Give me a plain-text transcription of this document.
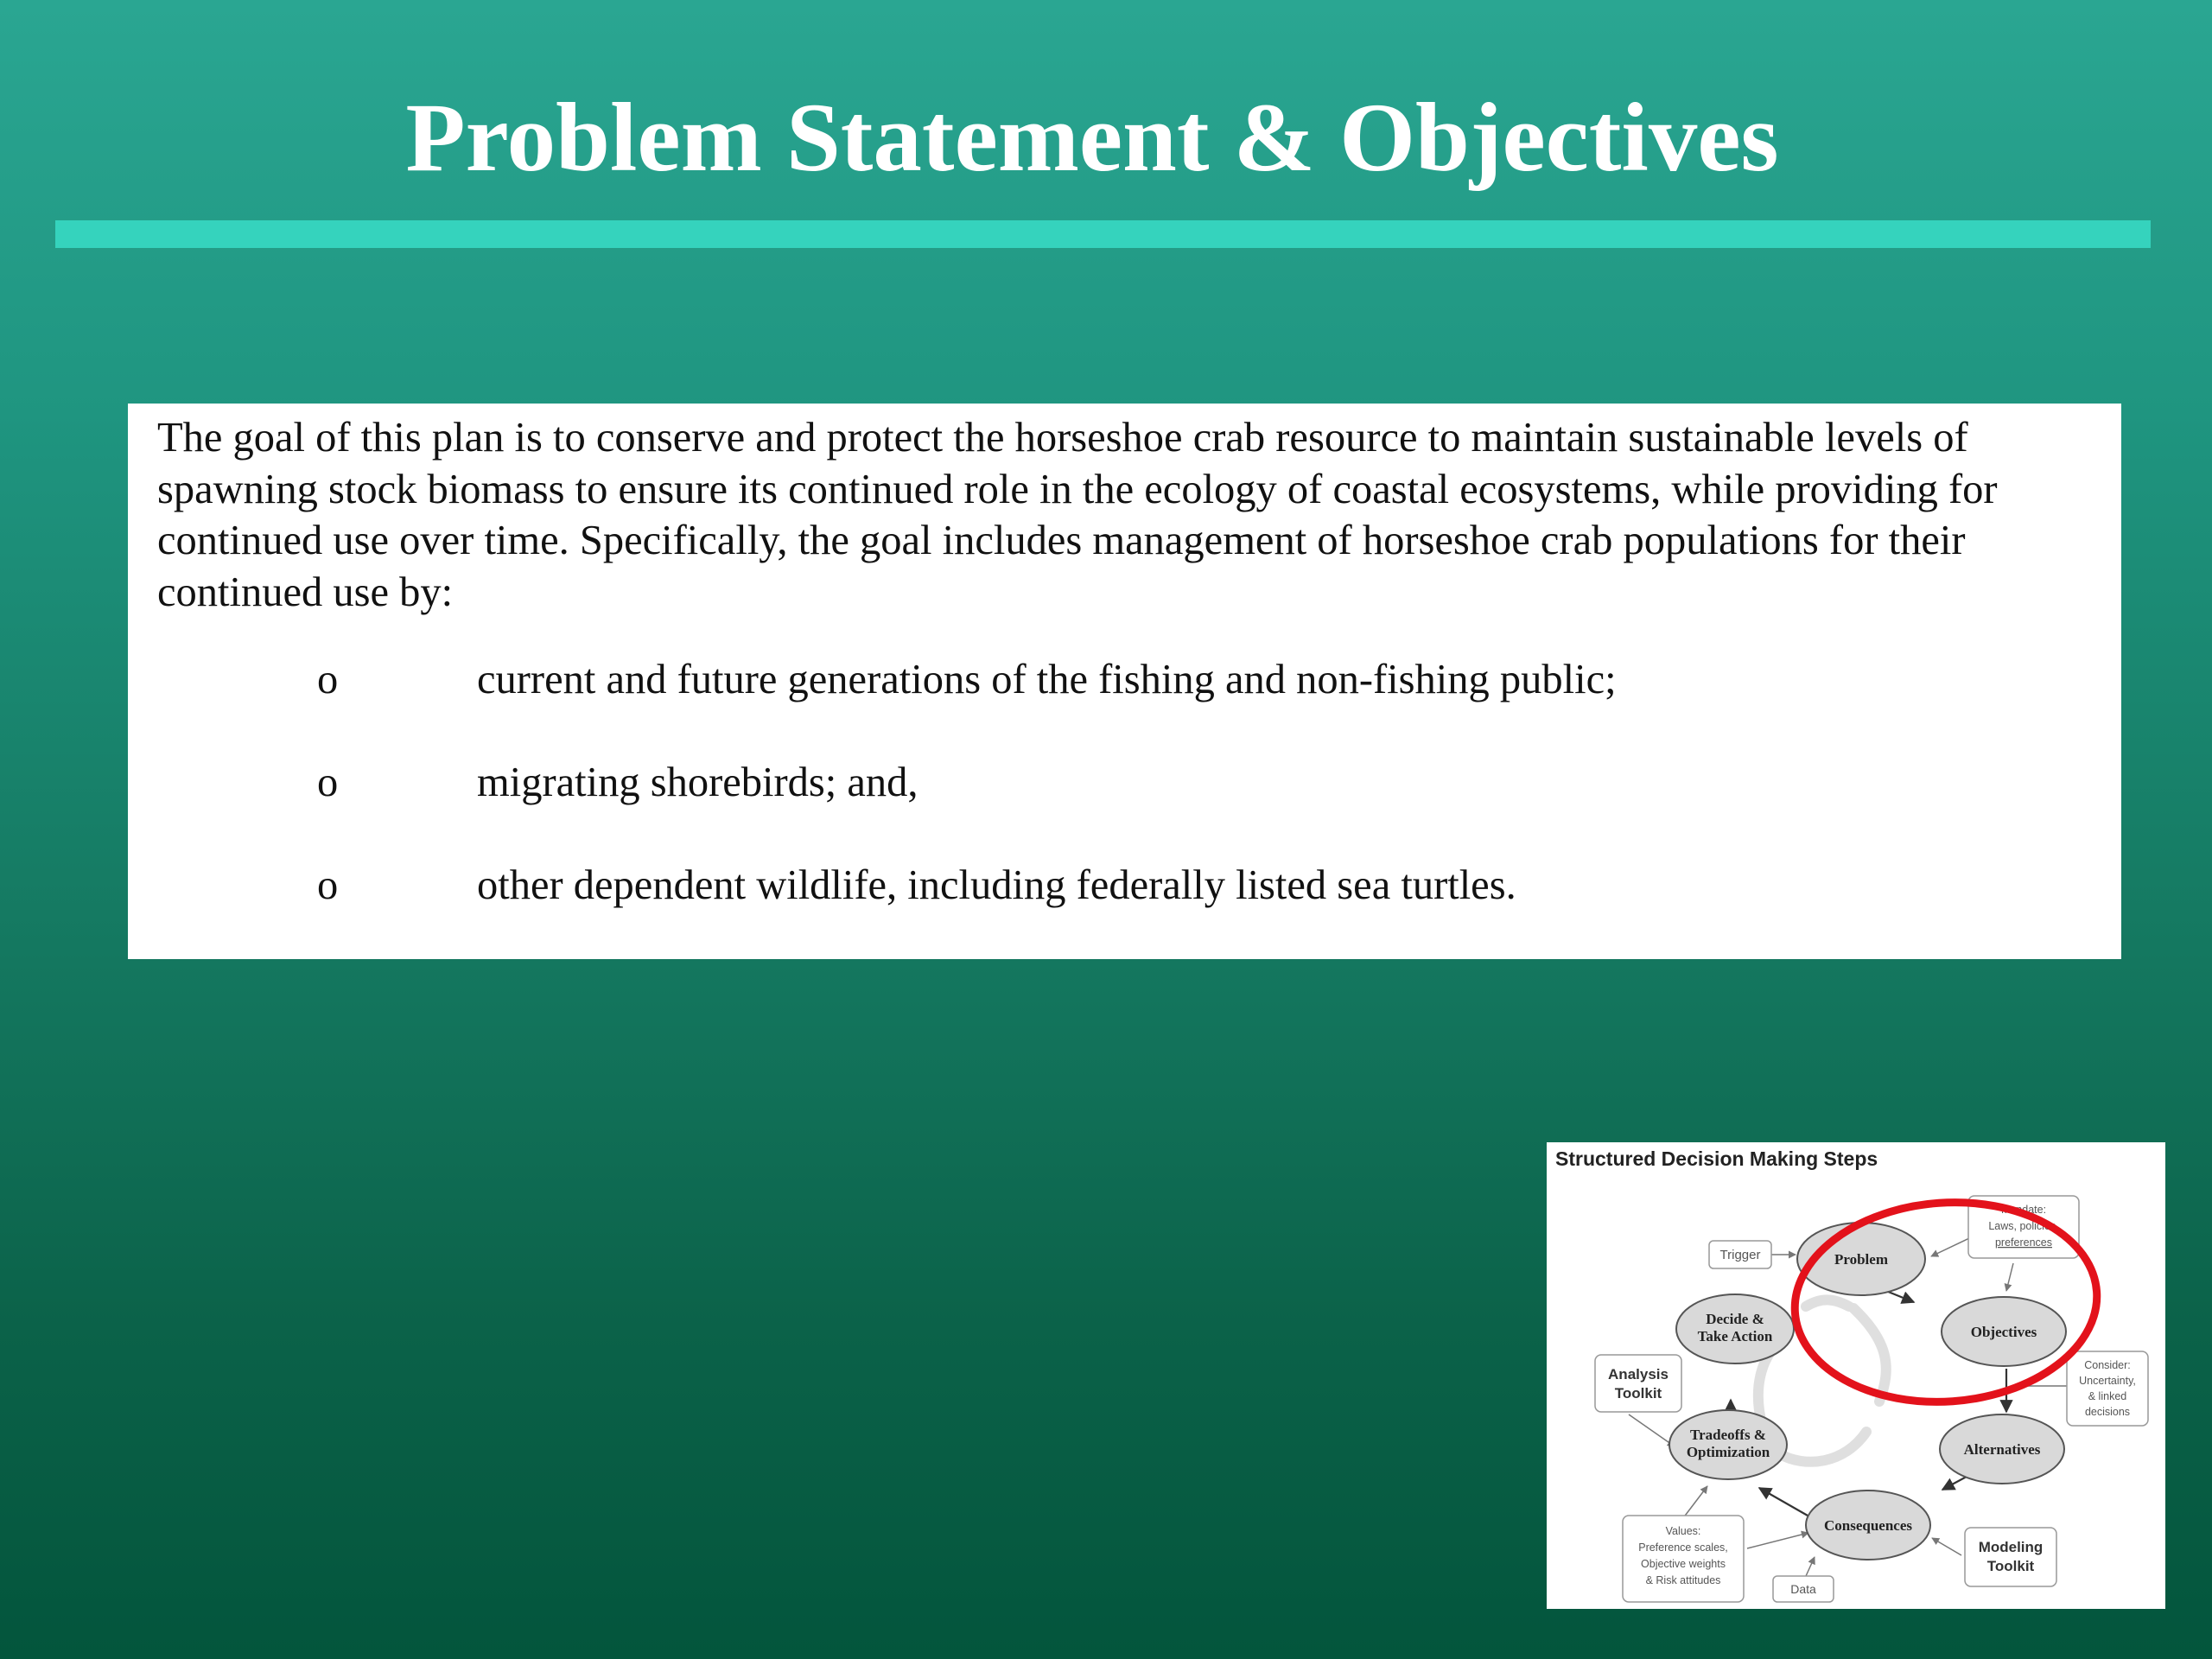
Problem Statement & Objectives

The goal of this plan is to conserve and protect the horseshoe crab resource to maintain sustainable levels of
spawning stock biomass to ensure its continued role in the ecology of coastal ecosystems, while providing for
continued use over time. Specifically, the goal includes management of horseshoe crab populations for their
continued use by:

o	current and future generations of the fishing and non-fishing public;
o	migrating shorebirds; and,
o	other dependent wildlife, including federally listed sea turtles.
Problem
Objectives
Alternatives
Consequences
Tradeoffs &
Optimization
Decide &
Take Action
Trigger
Mandate:
Laws, policies,
preferences
Consider:
Uncertainty,
& linked
decisions
Analysis
Toolkit
Modeling
Toolkit
Values:
Preference scales,
Objective weights
& Risk attitudes
Data
Structured Decision Making Steps
